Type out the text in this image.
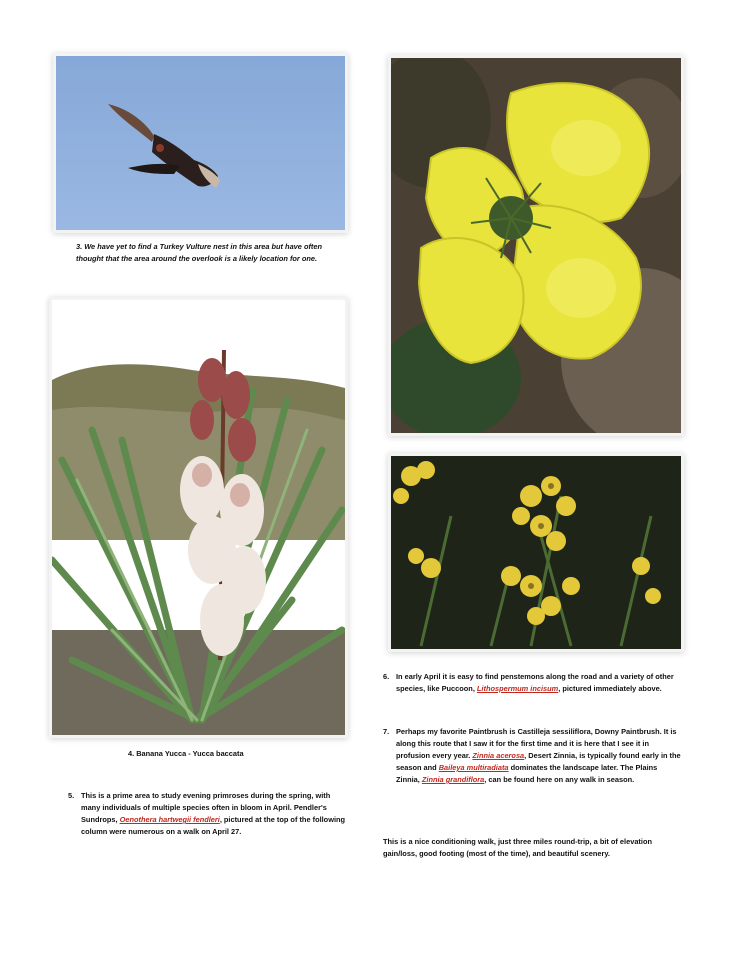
3. We have yet to find a Turkey Vulture nest in this area but have often thought that the area around the overlook is a likely location for one.
4. Banana Yucca - Yucca baccata
5. This is a prime area to study evening primroses during the spring, with many individuals of multiple species often in bloom in April. Pendler's Sundrops, Oenothera hartwegii fendleri, pictured at the top of the following column were numerous on a walk on April 27.
6. In early April it is easy to find penstemons along the road and a variety of other species, like Puccoon, Lithospermum incisum, pictured immediately above.
7. Perhaps my favorite Paintbrush is Castilleja sessiliflora, Downy Paintbrush. It is along this route that I saw it for the first time and it is here that I see it in profusion every year. Zinnia acerosa, Desert Zinnia, is typically found early in the season and Baileya multiradiata dominates the landscape later. The Plains Zinnia, Zinnia grandiflora, can be found here on any walk in season.
This is a nice conditioning walk, just three miles round-trip, a bit of elevation gain/loss, good footing (most of the time), and beautiful scenery.
